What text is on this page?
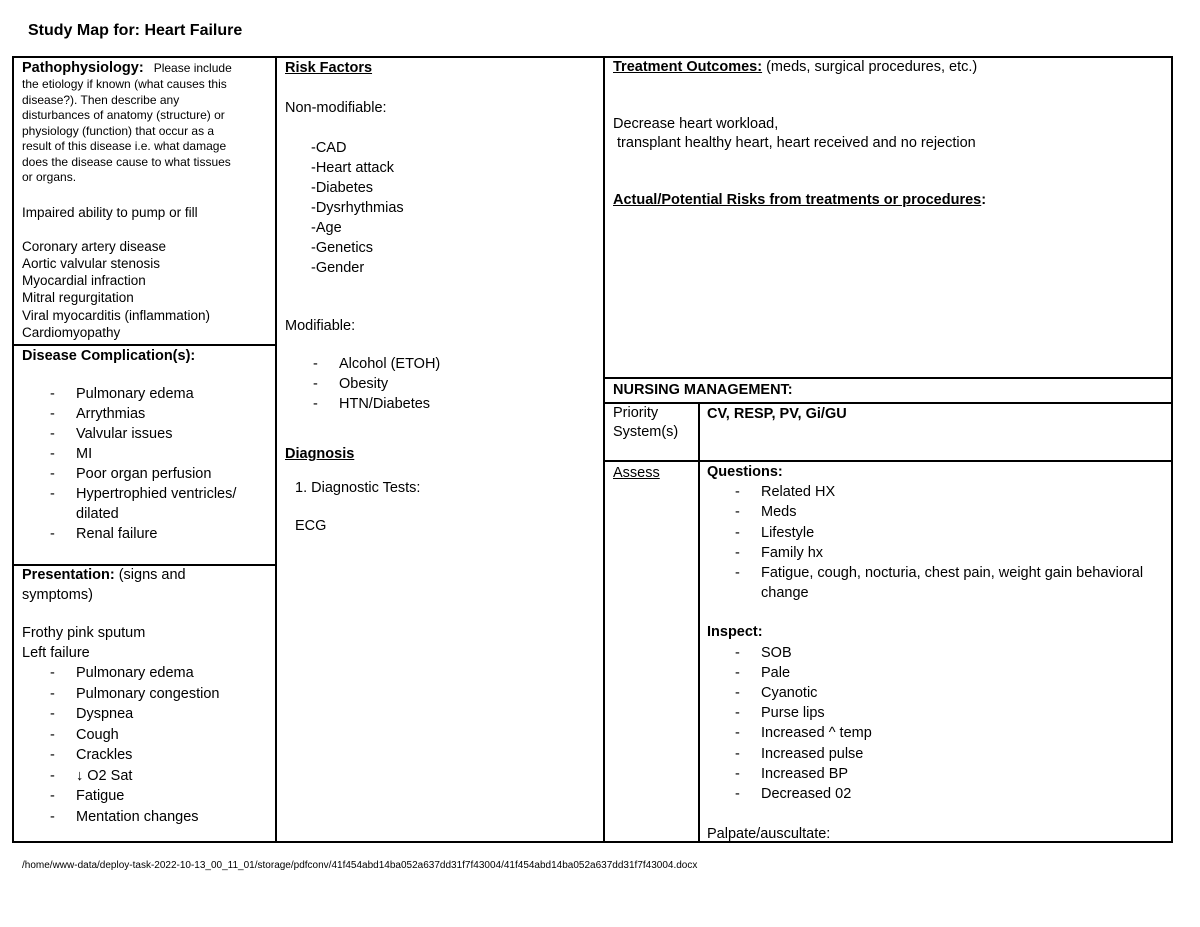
Study Map for: Heart Failure
Pathophysiology: Please include
the etiology if known (what causes this
disease?). Then describe any
disturbances of anatomy (structure) or
physiology (function) that occur as a
result of this disease i.e. what damage
does the disease cause to what tissues
or organs.
Impaired ability to pump or fill
Coronary artery disease
Aortic valvular stenosis
Myocardial infraction
Mitral regurgitation
Viral myocarditis (inflammation)
Cardiomyopathy
Disease Complication(s):
- Pulmonary edema
- Arrythmias
- Valvular issues
- MI
- Poor organ perfusion
- Hypertrophied ventricles/ dilated
- Renal failure
Presentation: (signs and
symptoms)
Frothy pink sputum
Left failure
- Pulmonary edema
- Pulmonary congestion
- Dyspnea
- Cough
- Crackles
- ↓ O2 Sat
- Fatigue
- Mentation changes
Risk Factors
Non-modifiable:
-CAD
-Heart attack
-Diabetes
-Dysrhythmias
-Age
-Genetics
-Gender
Modifiable:
- Alcohol (ETOH)
- Obesity
- HTN/Diabetes
Diagnosis
1. Diagnostic Tests:
ECG
Treatment Outcomes: (meds, surgical procedures, etc.)
Decrease heart workload,
transplant healthy heart, heart received and no rejection
Actual/Potential Risks from treatments or procedures:
NURSING MANAGEMENT:
Priority
System(s)
CV, RESP, PV, Gi/GU
Assess	Questions:
- Related HX
- Meds
- Lifestyle
- Family hx
- Fatigue, cough, nocturia, chest pain, weight gain behavioral change
Inspect:
- SOB
- Pale
- Cyanotic
- Purse lips
- Increased ^ temp
- Increased pulse
- Increased BP
- Decreased 02
Palpate/auscultate:
/home/www-data/deploy-task-2022-10-13_00_11_01/storage/pdfconv/41f454abd14ba052a637dd31f7f43004/41f454abd14ba052a637dd31f7f43004.docx
